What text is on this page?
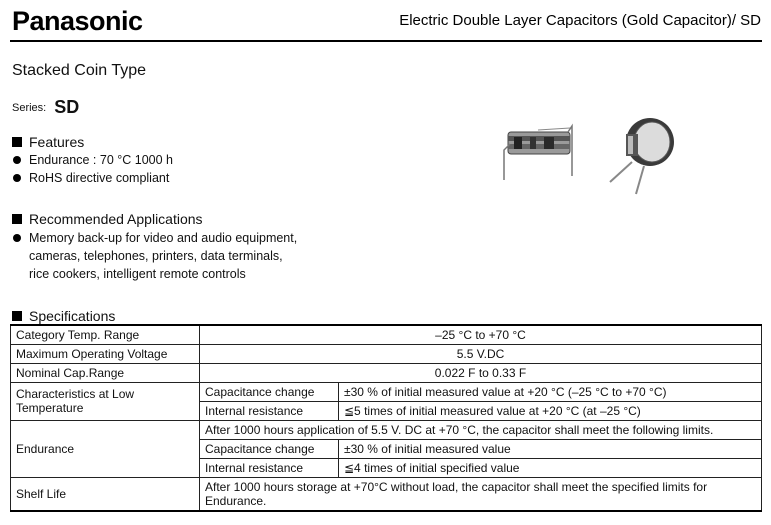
Panasonic	Electric Double Layer Capacitors (Gold Capacitor)/ SD
Stacked Coin Type
Series: SD
Features
Endurance : 70 °C 1000 h
RoHS directive compliant
Recommended Applications
Memory back-up for video and audio equipment,
cameras, telephones, printers, data terminals,
rice cookers, intelligent remote controls
Specifications
Category Temp. Range	–25 °C to +70 °C	
Maximum Operating Voltage	5.5 V.DC	
Nominal Cap.Range	0.022 F to 0.33 F	
Characteristics at Low Temperature	Capacitance change	±30 % of initial measured value at +20 °C (–25 °C to +70 °C)
	Internal resistance	≦5 times of initial measured value at +20 °C (at –25 °C)
Endurance	After 1000 hours application of 5.5 V. DC at +70 °C, the capacitor shall meet the following limits.	
	Capacitance change	±30 % of initial measured value
	Internal resistance	≦4 times of initial specified value
Shelf Life	After 1000 hours storage at +70°C without load, the capacitor shall meet the specified limits for Endurance.	
